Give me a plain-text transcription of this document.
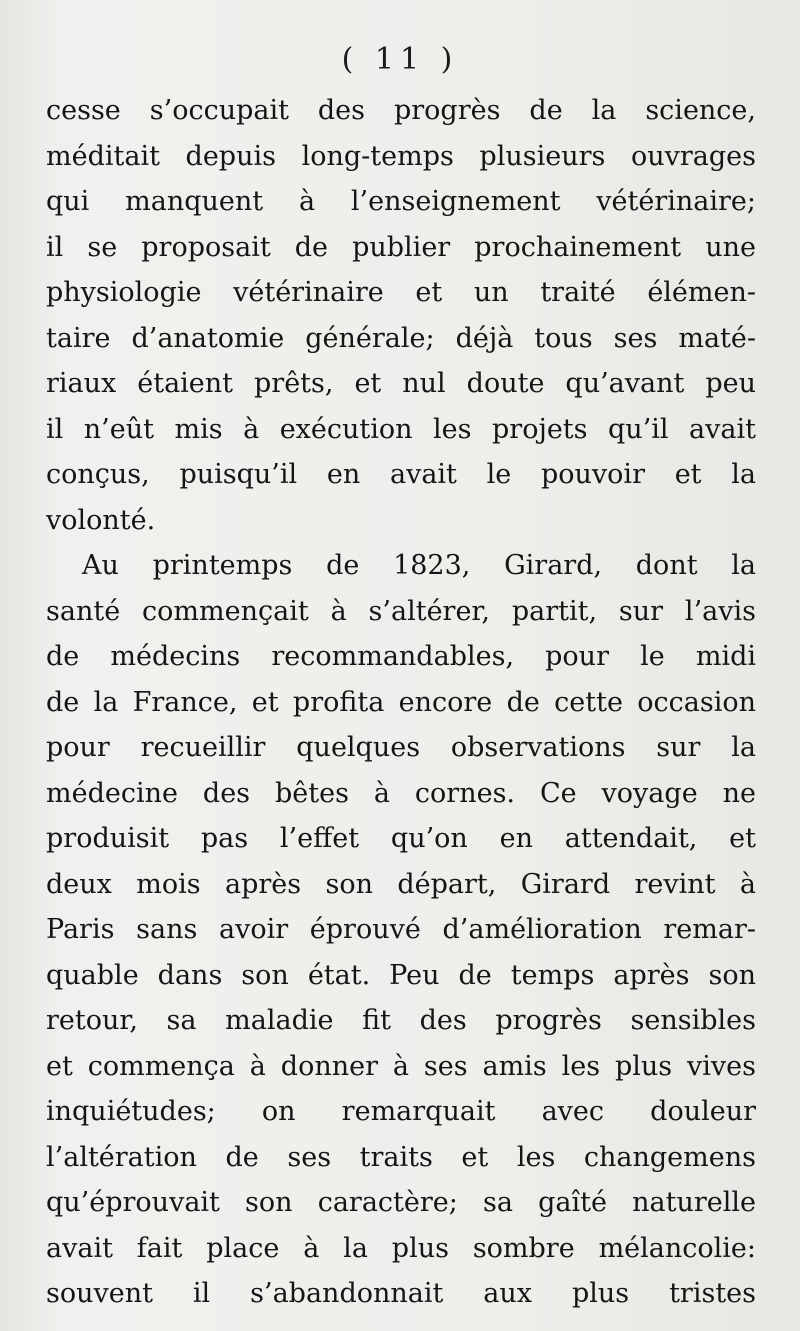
( 11 )
cesse s’occupait des progrès de la science,
méditait depuis long-temps plusieurs ouvrages
qui manquent à l’enseignement vétérinaire;
il se proposait de publier prochainement une
physiologie vétérinaire et un traité élémen-
taire d’anatomie générale; déjà tous ses maté-
riaux étaient prêts, et nul doute qu’avant peu
il n’eût mis à exécution les projets qu’il avait
conçus, puisqu’il en avait le pouvoir et la
volonté.
Au printemps de 1823, Girard, dont la
santé commençait à s’altérer, partit, sur l’avis
de médecins recommandables, pour le midi
de la France, et profita encore de cette occasion
pour recueillir quelques observations sur la
médecine des bêtes à cornes. Ce voyage ne
produisit pas l’effet qu’on en attendait, et
deux mois après son départ, Girard revint à
Paris sans avoir éprouvé d’amélioration remar-
quable dans son état. Peu de temps après son
retour, sa maladie fit des progrès sensibles
et commença à donner à ses amis les plus vives
inquiétudes; on remarquait avec douleur
l’altération de ses traits et les changemens
qu’éprouvait son caractère; sa gaîté naturelle
avait fait place à la plus sombre mélancolie:
souvent il s’abandonnait aux plus tristes
